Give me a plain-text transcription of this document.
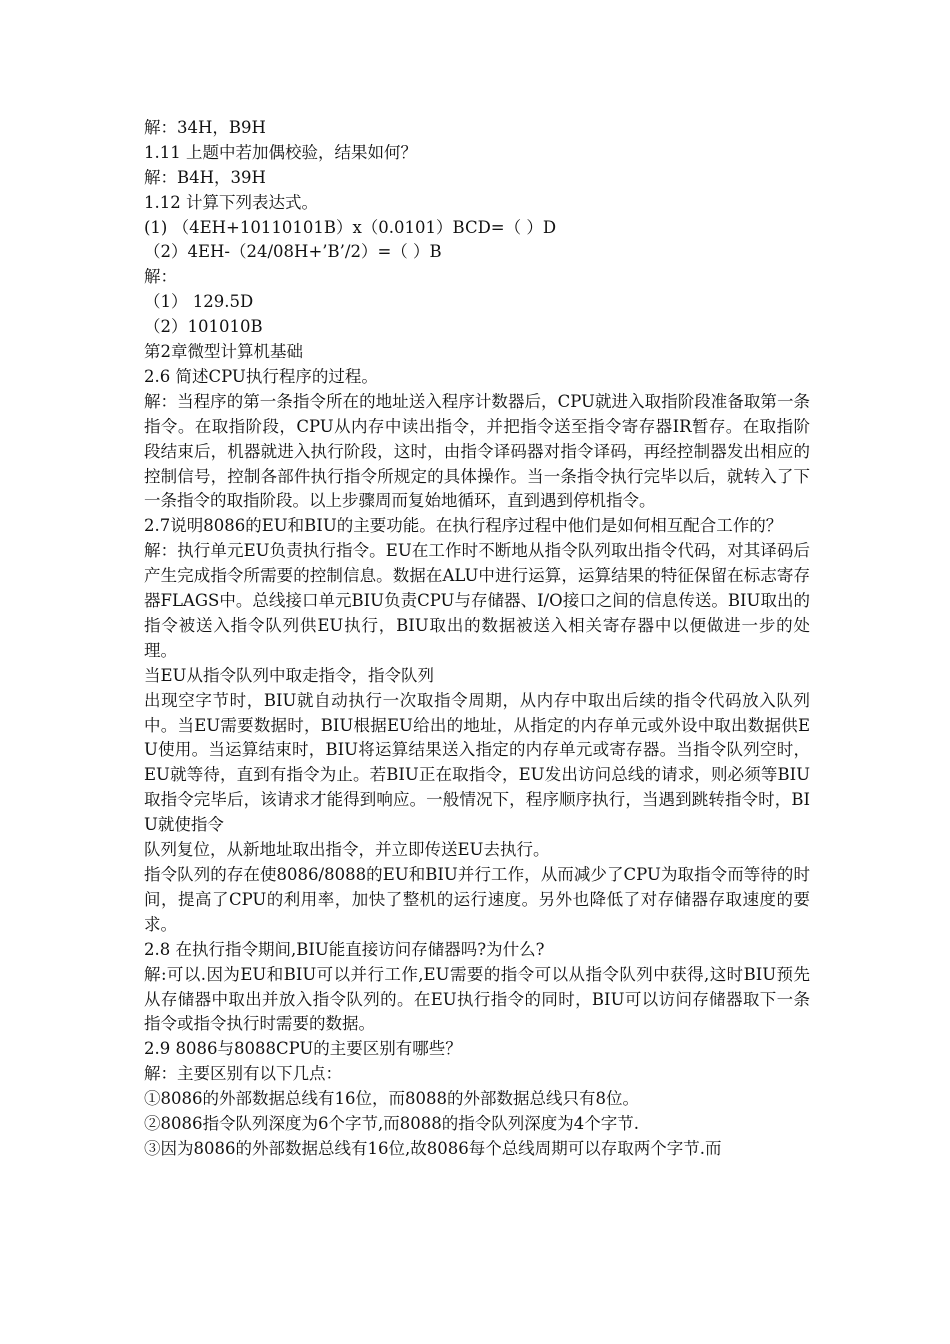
解：34H，B9H
1.11 上题中若加偶校验，结果如何？
解：B4H，39H
1.12 计算下列表达式。
(1) （4EH+10110101B）x（0.0101）BCD=（ ）D
（2）4EH-（24/08H+’B’/2）=（ ）B
解：
（1） 129.5D
（2）101010B
第2章微型计算机基础
2.6 简述CPU执行程序的过程。
解：当程序的第一条指令所在的地址送入程序计数器后，CPU就进入取指阶段准备取第一条指令。在取指阶段，CPU从内存中读出指令，并把指令送至指令寄存器IR暂存。在取指阶段结束后，机器就进入执行阶段，这时，由指令译码器对指令译码，再经控制器发出相应的控制信号，控制各部件执行指令所规定的具体操作。当一条指令执行完毕以后，就转入了下一条指令的取指阶段。以上步骤周而复始地循环，直到遇到停机指令。
2.7说明8086的EU和BIU的主要功能。在执行程序过程中他们是如何相互配合工作的？
解：执行单元EU负责执行指令。EU在工作时不断地从指令队列取出指令代码，对其译码后产生完成指令所需要的控制信息。数据在ALU中进行运算，运算结果的特征保留在标志寄存器FLAGS中。总线接口单元BIU负责CPU与存储器、I/O接口之间的信息传送。BIU取出的指令被送入指令队列供EU执行，BIU取出的数据被送入相关寄存器中以便做进一步的处理。
当EU从指令队列中取走指令，指令队列
出现空字节时，BIU就自动执行一次取指令周期，从内存中取出后续的指令代码放入队列中。当EU需要数据时，BIU根据EU给出的地址，从指定的内存单元或外设中取出数据供EU使用。当运算结束时，BIU将运算结果送入指定的内存单元或寄存器。当指令队列空时，EU就等待，直到有指令为止。若BIU正在取指令，EU发出访问总线的请求，则必须等BIU取指令完毕后，该请求才能得到响应。一般情况下，程序顺序执行，当遇到跳转指令时，BIU就使指令
队列复位，从新地址取出指令，并立即传送EU去执行。
指令队列的存在使8086/8088的EU和BIU并行工作，从而减少了CPU为取指令而等待的时间，提高了CPU的利用率，加快了整机的运行速度。另外也降低了对存储器存取速度的要求。
2.8 在执行指令期间,BIU能直接访问存储器吗?为什么?
解:可以.因为EU和BIU可以并行工作,EU需要的指令可以从指令队列中获得,这时BIU预先从存储器中取出并放入指令队列的。在EU执行指令的同时，BIU可以访问存储器取下一条指令或指令执行时需要的数据。
2.9 8086与8088CPU的主要区别有哪些？
解：主要区别有以下几点：
①8086的外部数据总线有16位，而8088的外部数据总线只有8位。
②8086指令队列深度为6个字节,而8088的指令队列深度为4个字节.
③因为8086的外部数据总线有16位,故8086每个总线周期可以存取两个字节.而
